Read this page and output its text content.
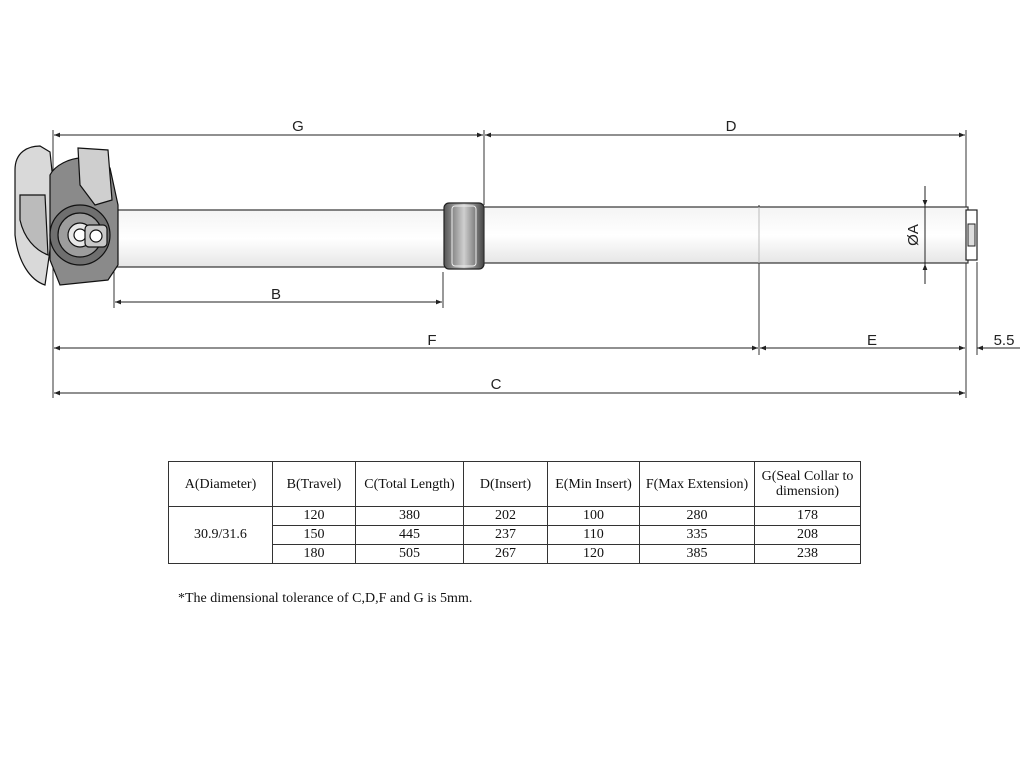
G	D
B
F	E	5.5
C
ØA
A(Diameter)	B(Travel)	C(Total Length)	D(Insert)	E(Min Insert)	F(Max Extension)	G(Seal Collar to dimension)
30.9/31.6	120	380	202	100	280	178
	150	445	237	110	335	208
	180	505	267	120	385	238
*The dimensional tolerance of C,D,F and G is 5mm.
